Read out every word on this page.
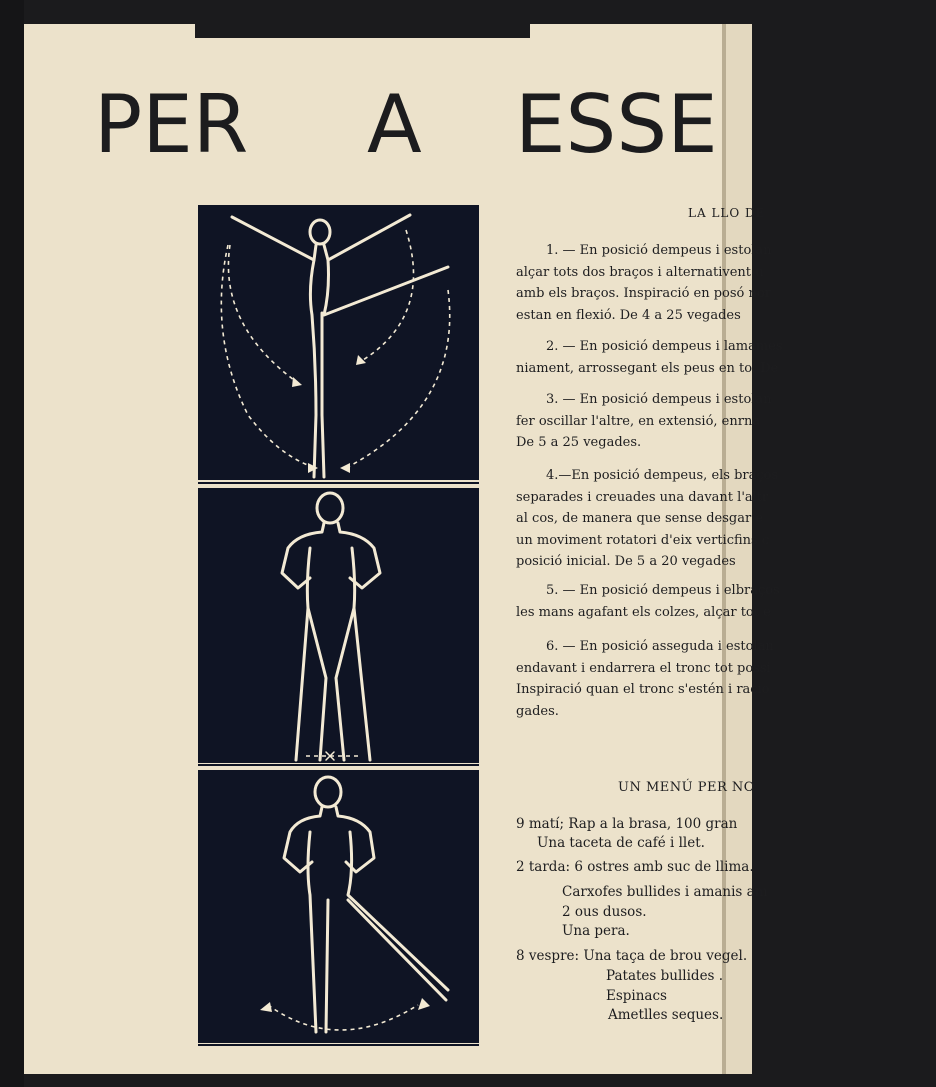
PER A ESSE
LA LLO DE
1. — En posició dempeus i estolan
alçar tots dos braços i alternativent u
amb els braços. Inspiració en posó nor
estan en flexió. De 4 a 25 vegades
2. — En posició dempeus i lamames
niament, arrossegant els peus en to. De
3. — En posició dempeus i estolan
fer oscillar l'altre, en extensió, enrna
De 5 a 25 vegades.
4.—En posició dempeus, els braços
separades i creuades una davant l'altr
al cos, de manera que sense desgar e
un moviment rotatori d'eix verticfins c
posició inicial. De 5 a 20 vegades
5. — En posició dempeus i elbraços
les mans agafant els colzes, alçar tot e
6. — En posició asseguda i estolan
endavant i endarrera el tronc tot possi
Inspiració quan el tronc s'estén i racio
gades.
UN MENÚ PER NO
9 matí; Rap a la brasa, 100 gran
Una taceta de café i llet.
2 tarda: 6 ostres amb suc de llima.
Carxofes bullides i amanis am
2 ous dusos.
Una pera.
8 vespre: Una taça de brou vegel.
Patates bullides .
Espinacs
Ametlles seques.
